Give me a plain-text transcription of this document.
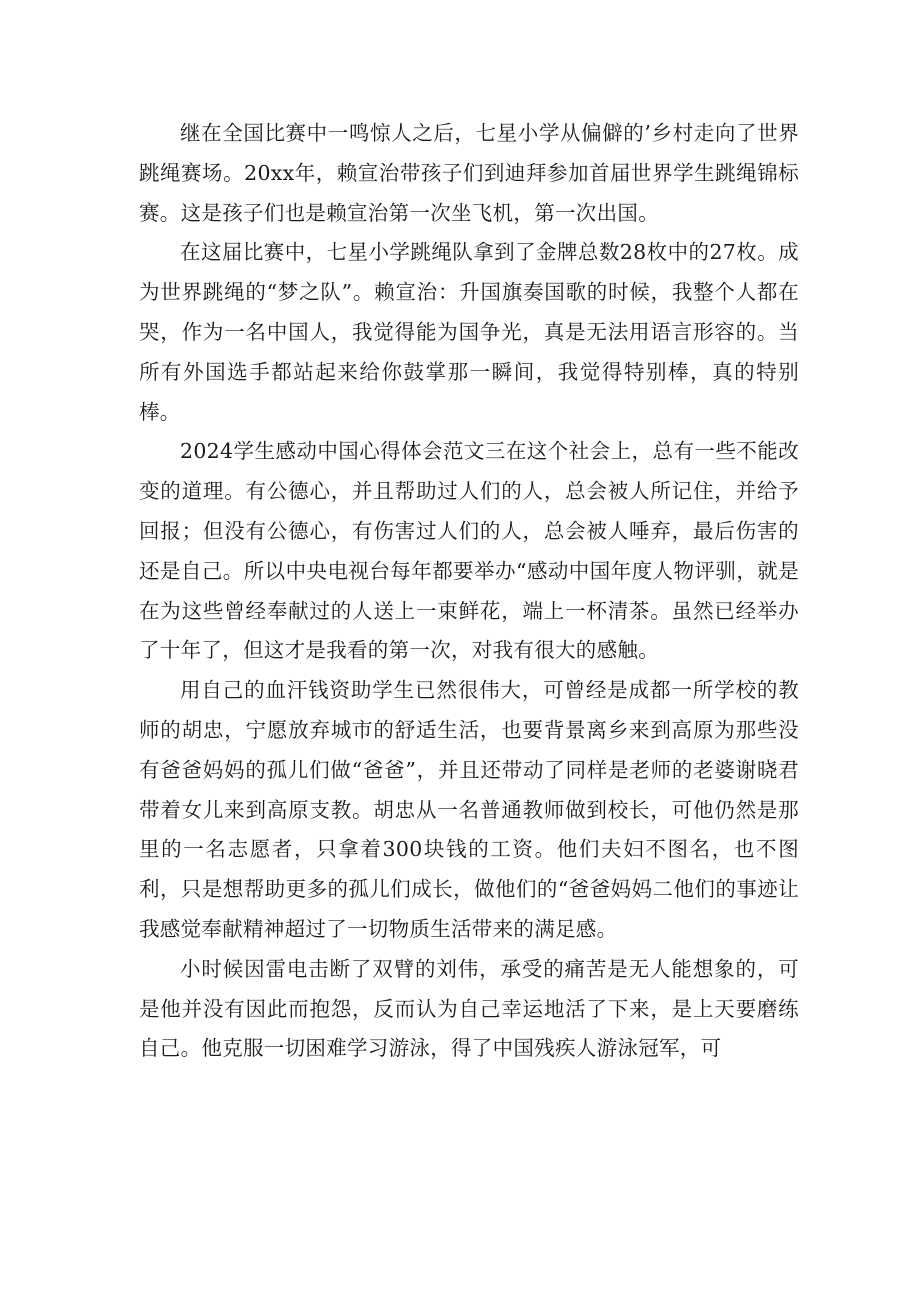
继在全国比赛中一鸣惊人之后，七星小学从偏僻的’乡村走向了世界跳绳赛场。20xx年，赖宣治带孩子们到迪拜参加首届世界学生跳绳锦标赛。这是孩子们也是赖宣治第一次坐飞机，第一次出国。

在这届比赛中，七星小学跳绳队拿到了金牌总数28枚中的27枚。成为世界跳绳的“梦之队”。赖宣治：升国旗奏国歌的时候，我整个人都在哭，作为一名中国人，我觉得能为国争光，真是无法用语言形容的。当所有外国选手都站起来给你鼓掌那一瞬间，我觉得特别棒，真的特别棒。

2024学生感动中国心得体会范文三在这个社会上，总有一些不能改变的道理。有公德心，并且帮助过人们的人，总会被人所记住，并给予回报；但没有公德心，有伤害过人们的人，总会被人唾弃，最后伤害的还是自己。所以中央电视台每年都要举办“感动中国年度人物评驯，就是在为这些曾经奉献过的人送上一束鲜花，端上一杯清茶。虽然已经举办了十年了，但这才是我看的第一次，对我有很大的感触。

用自己的血汗钱资助学生已然很伟大，可曾经是成都一所学校的教师的胡忠，宁愿放弃城市的舒适生活，也要背景离乡来到高原为那些没有爸爸妈妈的孤儿们做“爸爸”，并且还带动了同样是老师的老婆谢晓君带着女儿来到高原支教。胡忠从一名普通教师做到校长，可他仍然是那里的一名志愿者，只拿着300块钱的工资。他们夫妇不图名，也不图利，只是想帮助更多的孤儿们成长，做他们的“爸爸妈妈二他们的事迹让我感觉奉献精神超过了一切物质生活带来的满足感。

小时候因雷电击断了双臂的刘伟，承受的痛苦是无人能想象的，可是他并没有因此而抱怨，反而认为自己幸运地活了下来，是上天要磨练自己。他克服一切困难学习游泳，得了中国残疾人游泳冠军，可
